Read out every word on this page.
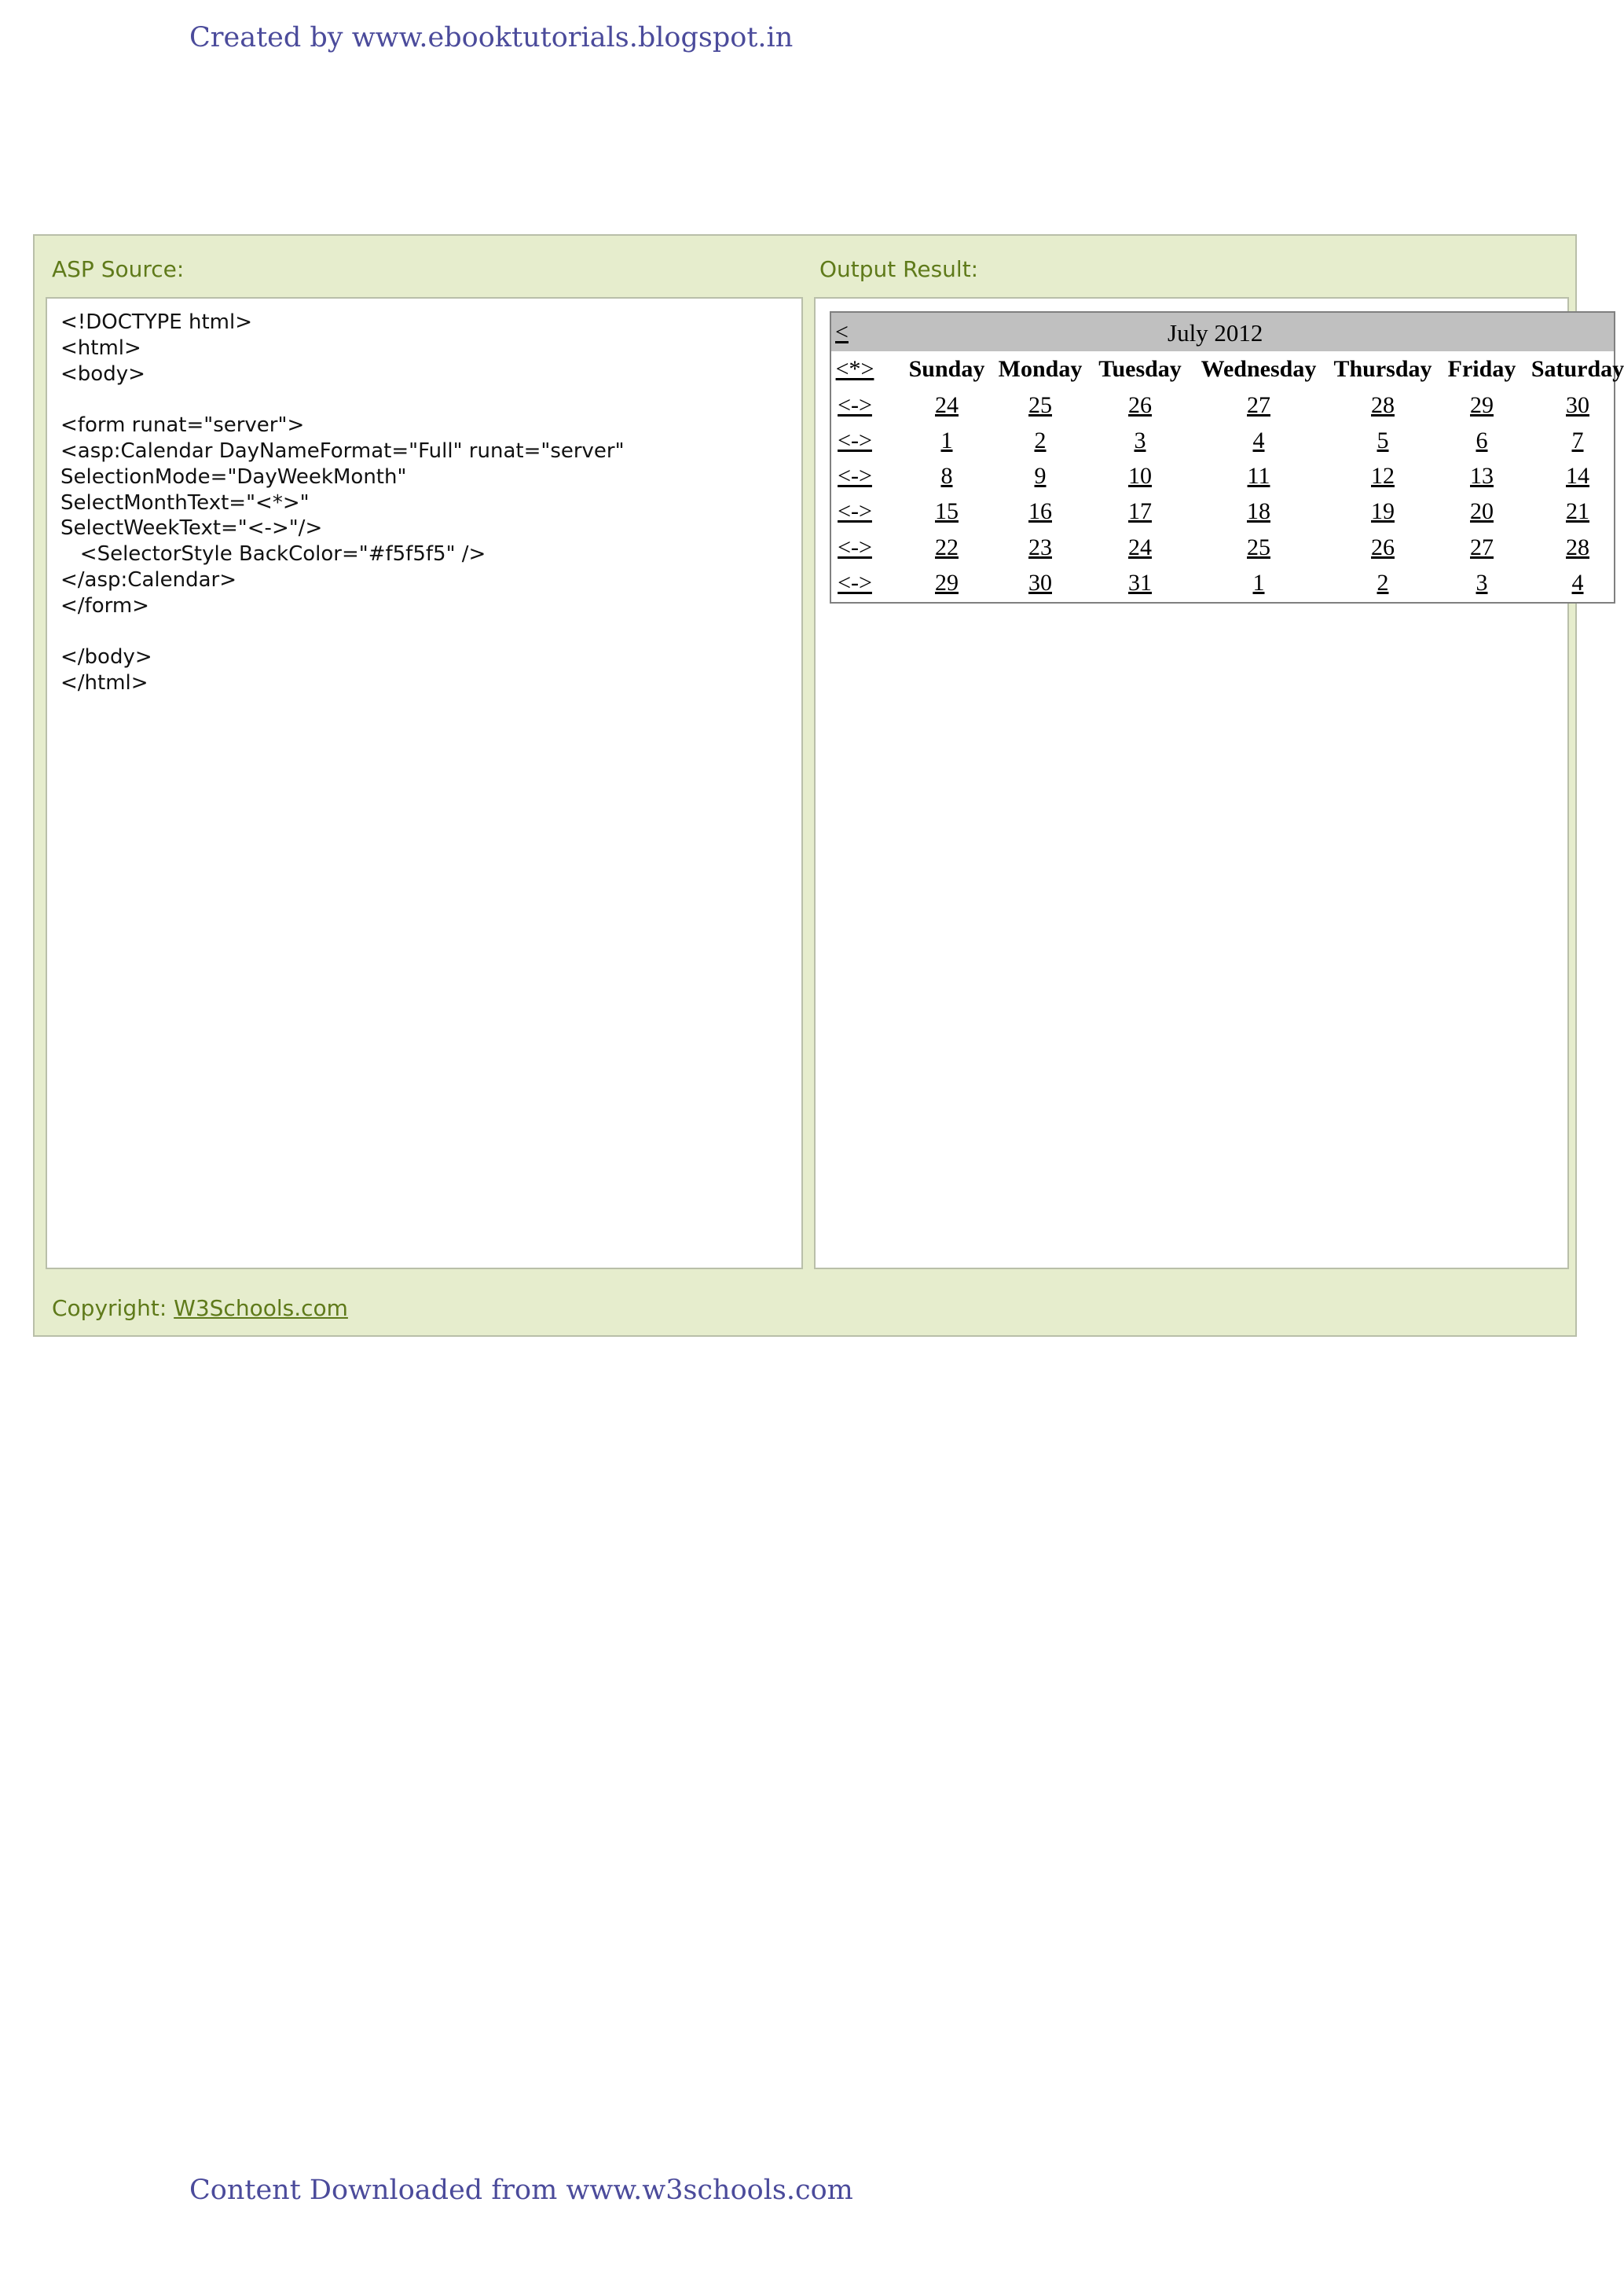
Created by www.ebooktutorials.blogspot.in
ASP Source:	Output Result:
<!DOCTYPE html>
<html>
<body>

<form runat="server">
<asp:Calendar DayNameFormat="Full" runat="server"
SelectionMode="DayWeekMonth"
SelectMonthText="<*>"
SelectWeekText="<->"/>
<SelectorStyle BackColor="#f5f5f5" />
</asp:Calendar>
</form>

</body>
</html>
<	July 2012
<*> Sunday Monday Tuesday Wednesday Thursday Friday Saturday
<->	24	25	26	27	28	29	30
<->	1	2	3	4	5	6	7
<->	8	9	10	11	12	13	14
<->	15	16	17	18	19	20	21
<->	22	23	24	25	26	27	28
<->	29	30	31	1	2	3	4
Copyright: W3Schools.com
Content Downloaded from www.w3schools.com
